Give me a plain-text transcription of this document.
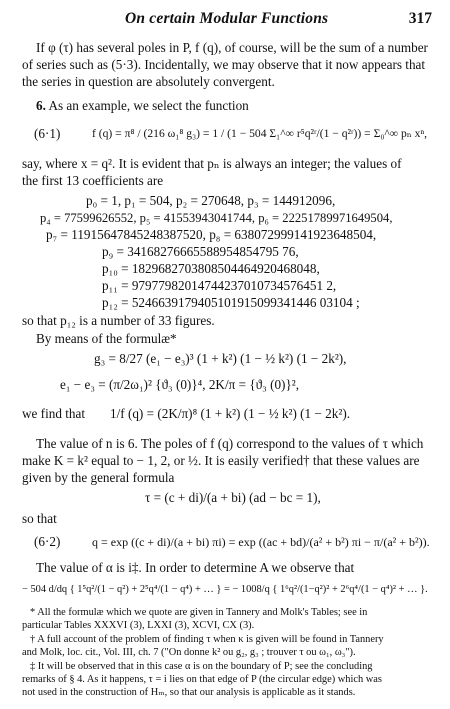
On certain Modular Functions	317
If φ (τ) has several poles in P, f (q), of course, will be the sum of a number
of series such as (5·3). Incidentally, we may observe that it now appears that
the series in question are absolutely convergent.
6. As an example, we select the function
(6·1)	f (q) = π⁸ / (216 ω₁⁸ g₃) = 1 / (1 − 504 Σ₁^∞ r⁵q²ʳ/(1 − q²ʳ)) = Σ₀^∞ pₙ xⁿ,
say, where x = q². It is evident that pₙ is always an integer; the values of
the first 13 coefficients are
p₀ = 1, p₁ = 504, p₂ = 270648, p₃ = 144912096,
p₄ = 77599626552, p₅ = 41553943041744, p₆ = 22251789971649504,
p₇ = 11915647845248387520, p₈ = 638072999141923648504,
p₉ = 34168276665588954854795 76,
p₁₀ = 1829682703808504464920468048,
p₁₁ = 97977982014744237010734576451 2,
p₁₂ = 5246639179405101915099341446 03104 ;
so that p₁₂ is a number of 33 figures.
By means of the formulæ*
g₃ = 8/27 (e₁ − e₃)³ (1 + k²) (1 − ½ k²) (1 − 2k²),
e₁ − e₃ = (π/2ω₁)² {ϑ₃ (0)}⁴, 2K/π = {ϑ₃ (0)}²,
we find that 1/f (q) = (2K/π)⁸ (1 + k²) (1 − ½ k²) (1 − 2k²).
The value of n is 6. The poles of f (q) correspond to the values of τ which
make K = k² equal to − 1, 2, or ½. It is easily verified† that these values are
given by the general formula
τ = (c + di)/(a + bi) (ad − bc = 1),
so that
(6·2)	q = exp ((c + di)/(a + bi) πi) = exp ((ac + bd)/(a² + b²) πi − π/(a² + b²)).
The value of α is i‡. In order to determine A we observe that
− 504 d/dq { 1⁵q²/(1 − q²) + 2⁵q⁴/(1 − q⁴) + … } = − 1008/q { 1⁶q²/(1−q²)² + 2⁶q⁴/(1 − q⁴)² + … }.
* All the formulæ which we quote are given in Tannery and Molk's Tables; see in
particular Tables XXXVI (3), LXXI (3), XCVI, CX (3).
† A full account of the problem of finding τ when κ is given will be found in Tannery
and Molk, loc. cit., Vol. III, ch. 7 ("On donne k² ou g₂, g₃ ; trouver τ ou ω₁, ω₃").
‡ It will be observed that in this case α is on the boundary of P; see the concluding
remarks of § 4. As it happens, τ = i lies on that edge of P (the circular edge) which was
not used in the construction of Hₘ, so that our analysis is applicable as it stands.
